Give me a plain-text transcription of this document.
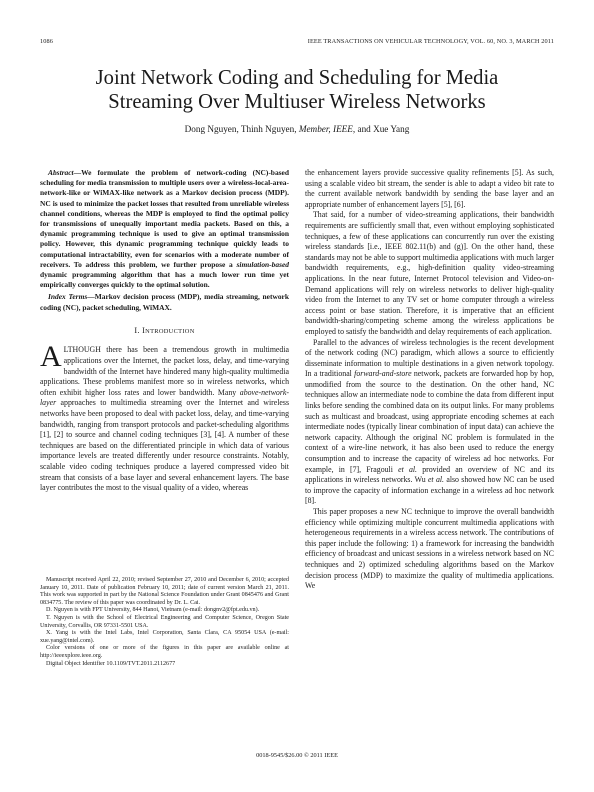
1086	IEEE TRANSACTIONS ON VEHICULAR TECHNOLOGY, VOL. 60, NO. 3, MARCH 2011
Joint Network Coding and Scheduling for Media
Streaming Over Multiuser Wireless Networks
Dong Nguyen, Thinh Nguyen, Member, IEEE, and Xue Yang

Abstract—We formulate the problem of network-coding (NC)-based scheduling for media transmission to multiple users over a wireless-local-area-network-like or WiMAX-like network as a Markov decision process (MDP). NC is used to minimize the packet losses that resulted from unreliable wireless channel conditions, whereas the MDP is employed to find the optimal policy for transmissions of unequally important media packets. Based on this, a dynamic programming technique is used to give an optimal transmission policy. However, this dynamic programming technique quickly leads to computational intractability, even for scenarios with a moderate number of receivers. To address this problem, we further propose a simulation-based dynamic programming algorithm that has a much lower run time yet empirically converges quickly to the optimal solution.

Index Terms—Markov decision process (MDP), media streaming, network coding (NC), packet scheduling, WiMAX.

I. INTRODUCTION

ALTHOUGH there has been a tremendous growth in multimedia applications over the Internet, the packet loss, delay, and time-varying bandwidth of the Internet have hindered many high-quality multimedia applications. These problems manifest more so in wireless networks, which often exhibit higher loss rates and lower bandwidth. Many above-network-layer approaches to multimedia streaming over the Internet and wireless networks have been proposed to deal with packet loss, delay, and time-varying bandwidth, ranging from transport protocols and packet-scheduling algorithms [1], [2] to source and channel coding techniques [3], [4]. A number of these techniques are based on the differentiated principle in which data of various importance levels are treated differently under resource constraints. Notably, scalable video coding techniques produce a layered compressed video bit stream that consists of a base layer and several enhancement layers. The base layer contributes the most to the visual quality of a video, whereas

Manuscript received April 22, 2010; revised September 27, 2010 and December 6, 2010; accepted January 10, 2011. Date of publication February 10, 2011; date of current version March 21, 2011. This work was supported in part by the National Science Foundation under Grant 0845476 and Grant 0834775. The review of this paper was coordinated by Dr. L. Cai.

D. Nguyen is with FPT University, 844 Hanoi, Vietnam (e-mail: dongnv2@fpt.edu.vn).

T. Nguyen is with the School of Electrical Engineering and Computer Science, Oregon State University, Corvallis, OR 97331-5501 USA.

X. Yang is with the Intel Labs, Intel Corporation, Santa Clara, CA 95054 USA (e-mail: xue.yang@intel.com).

Color versions of one or more of the figures in this paper are available online at http://ieeexplore.ieee.org.

Digital Object Identifier 10.1109/TVT.2011.2112677

the enhancement layers provide successive quality refinements [5]. As such, using a scalable video bit stream, the sender is able to adapt a video bit rate to the current available network bandwidth by sending the base layer and an appropriate number of enhancement layers [5], [6].

That said, for a number of video-streaming applications, their bandwidth requirements are sufficiently small that, even without employing sophisticated techniques, a few of these applications can concurrently run over the existing wireless standards [i.e., IEEE 802.11(b) and (g)]. On the other hand, these standards may not be able to support multimedia applications with much larger bandwidth requirements, e.g., high-definition quality video-streaming applications. In the near future, Internet Protocol television and Video-on-Demand applications will rely on wireless networks to deliver high-quality video from the Internet to any TV set or home computer through a wireless access point or base station. Therefore, it is imperative that an efficient bandwidth-sharing/competing scheme among the wireless applications be employed to satisfy the bandwidth and delay requirements of each application.

Parallel to the advances of wireless technologies is the recent development of the network coding (NC) paradigm, which allows a source to efficiently disseminate information to multiple destinations in a given network topology. In a traditional forward-and-store network, packets are forwarded hop by hop, unmodified from the source to the destination. On the other hand, NC techniques allow an intermediate node to combine the data from different input links before sending the combined data on its output links. For many problems such as multicast and broadcast, using appropriate encoding schemes at each intermediate nodes (typically linear combination of input data) can achieve the network capacity. Although the original NC problem is formulated in the context of a wire-line network, it has also been used to reduce the energy consumption and to increase the capacity of wireless ad hoc networks. For example, in [7], Fragouli et al. provided an overview of NC and its applications in wireless networks. Wu et al. also showed how NC can be used to improve the capacity of information exchange in a wireless ad hoc network [8].

This paper proposes a new NC technique to improve the overall bandwidth efficiency while optimizing multiple concurrent multimedia applications with heterogeneous requirements in a wireless access network. The contributions of this paper include the following: 1) a framework for increasing the bandwidth efficiency of broadcast and unicast sessions in a wireless network based on NC techniques and 2) optimized scheduling algorithms based on the Markov decision process (MDP) to maximize the quality of multimedia applications. We

0018-9545/$26.00 © 2011 IEEE
